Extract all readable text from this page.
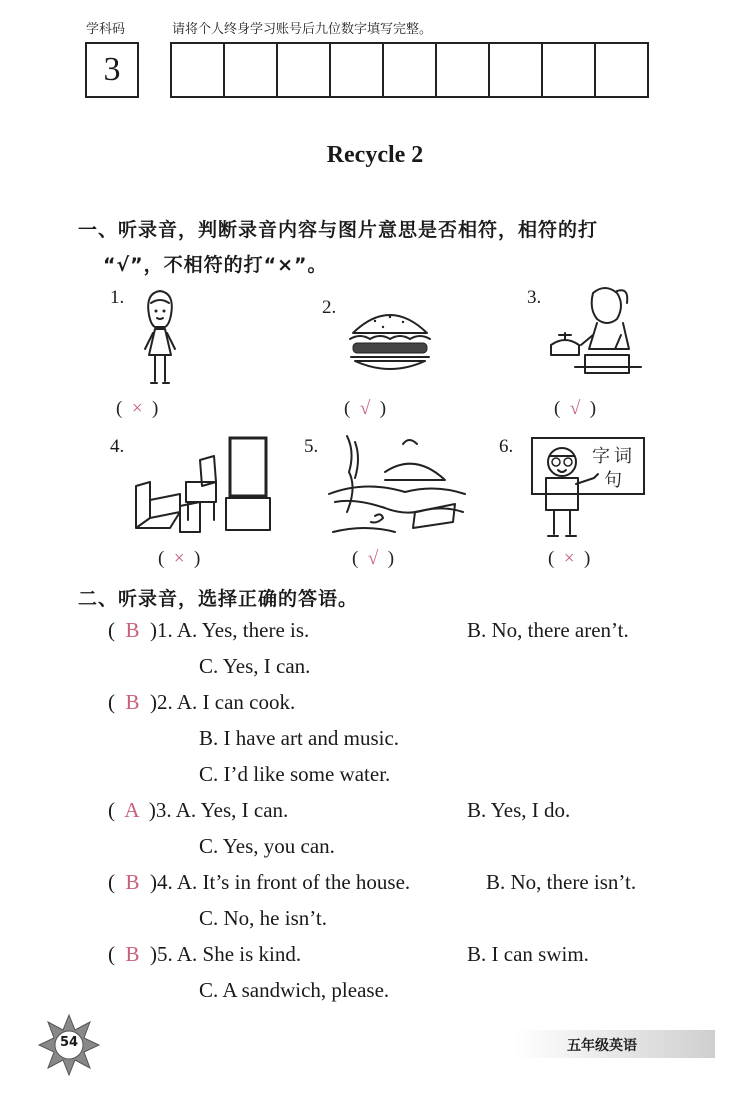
学科码	请将个人终身学习账号后九位数字填写完整。
3
Recycle 2
一、听录音，判断录音内容与图片意思是否相符，相符的打
“√”，不相符的打“×”。
1.	2.	3.
4.	5.	6.	字 词
句
(  ×  )	(  √  )	(  √  )
(  ×  )	(  √  )	(  ×  )
二、听录音，选择正确的答语。
(  B  )1. A. Yes, there is.	B. No, there aren’t.
C. Yes, I can.
(  B  )2. A. I can cook.
B. I have art and music.
C. I’d like some water.
(  A  )3. A. Yes, I can.	B. Yes, I do.
C. Yes, you can.
(  B  )4. A. It’s in front of the house.	B. No, there isn’t.
C. No, he isn’t.
(  B  )5. A. She is kind.	B. I can swim.
C. A sandwich, please.
54	五年级英语
